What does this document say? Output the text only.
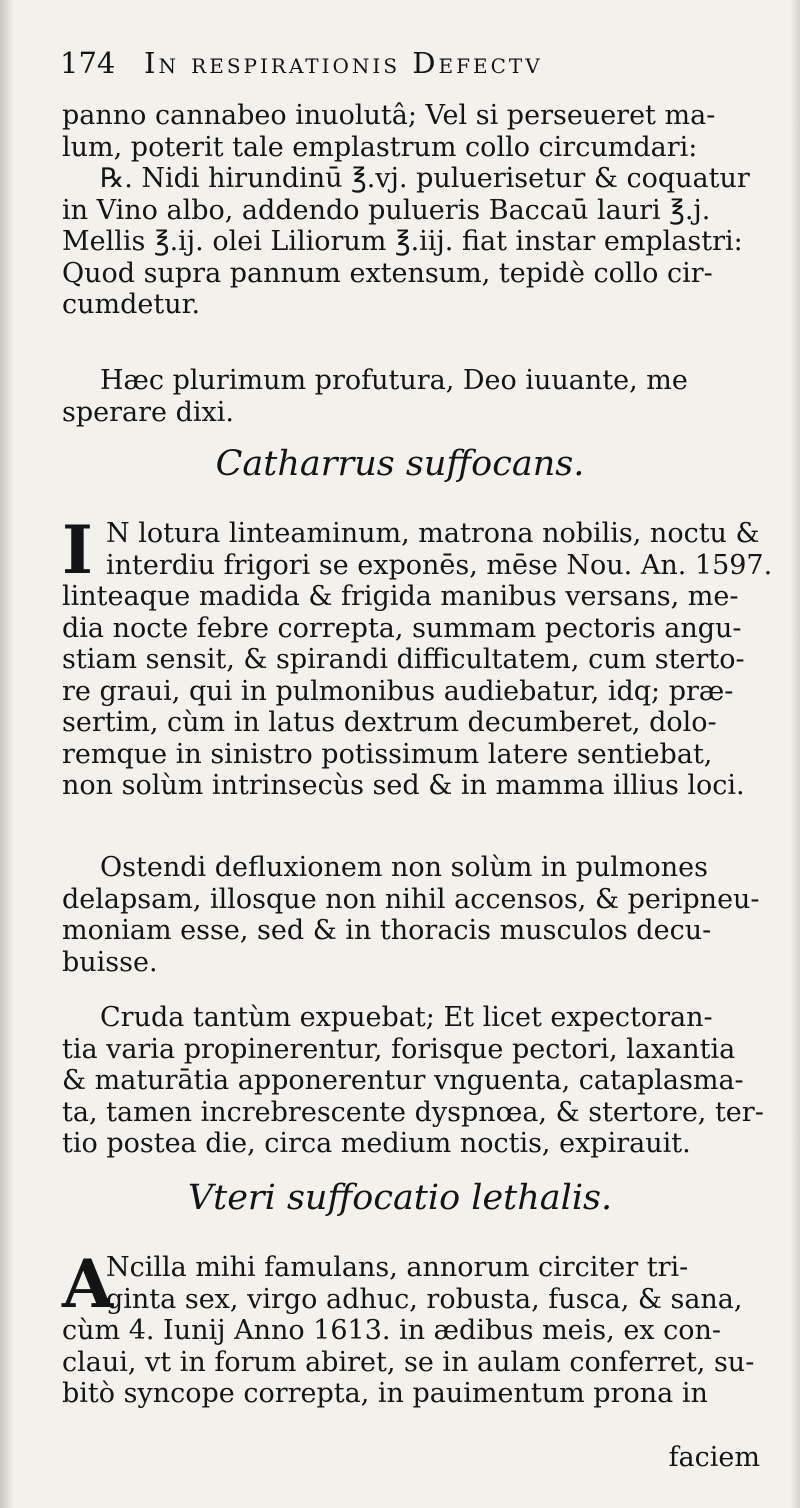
174 In respirationis Defectv
panno cannabeo inuolutâ; Vel si perseueret ma-
lum, poterit tale emplastrum collo circumdari:
℞. Nidi hirundinū ℥.vj. puluerisetur & coquatur
in Vino albo, addendo pulueris Baccaū lauri ℥.j.
Mellis ℥.ij. olei Liliorum ℥.iij. fiat instar emplastri:
Quod supra pannum extensum, tepidè collo cir-
cumdetur.
Hæc plurimum profutura, Deo iuuante, me
sperare dixi.
Catharrus suffocans.
I N lotura linteaminum, matrona nobilis, noctu &
interdiu frigori se exponēs, mēse Nou. An. 1597.
linteaque madida & frigida manibus versans, me-
dia nocte febre correpta, summam pectoris angu-
stiam sensit, & spirandi difficultatem, cum sterto-
re graui, qui in pulmonibus audiebatur, idq; præ-
sertim, cùm in latus dextrum decumberet, dolo-
remque in sinistro potissimum latere sentiebat,
non solùm intrinsecùs sed & in mamma illius loci.
Ostendi defluxionem non solùm in pulmones
delapsam, illosque non nihil accensos, & peripneu-
moniam esse, sed & in thoracis musculos decu-
buisse.
Cruda tantùm expuebat; Et licet expectoran-
tia varia propinerentur, forisque pectori, laxantia
& maturātia apponerentur vnguenta, cataplasma-
ta, tamen increbrescente dyspnœa, & stertore, ter-
tio postea die, circa medium noctis, expirauit.
Vteri suffocatio lethalis.
A
Ncilla mihi famulans, annorum circiter tri-
ginta sex, virgo adhuc, robusta, fusca, & sana,
cùm 4. Iunij Anno 1613. in ædibus meis, ex con-
claui, vt in forum abiret, se in aulam conferret, su-
bitò syncope correpta, in pauimentum prona in
faciem
